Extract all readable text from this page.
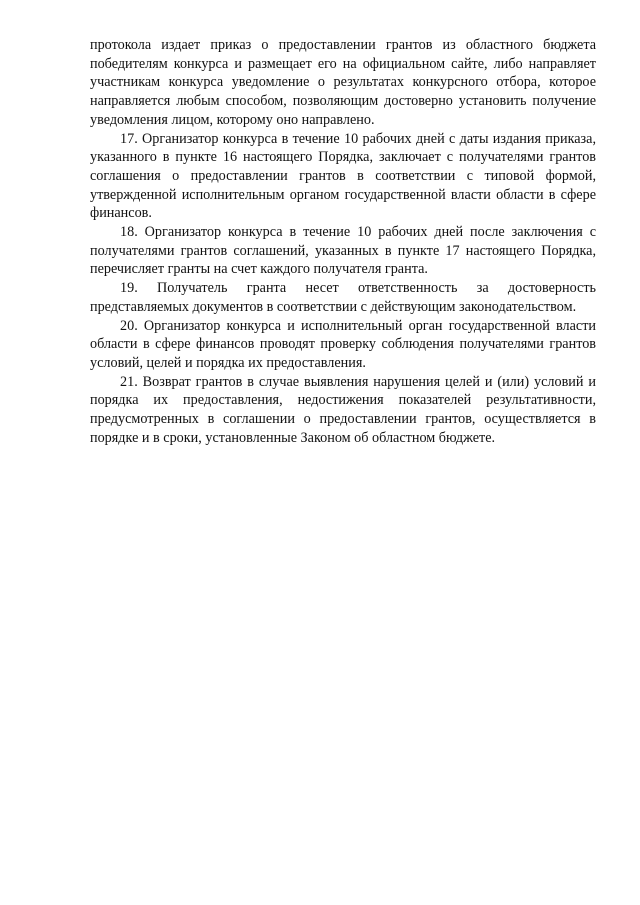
протокола издает приказ о предоставлении грантов из областного бюджета победителям конкурса и размещает его на официальном сайте, либо направляет участникам конкурса уведомление о результатах конкурсного отбора, которое направляется любым способом, позволяющим достоверно установить получение уведомления лицом, которому оно направлено.

17. Организатор конкурса в течение 10 рабочих дней с даты издания приказа, указанного в пункте 16 настоящего Порядка, заключает с получателями грантов соглашения о предоставлении грантов в соответствии с типовой формой, утвержденной исполнительным органом государственной власти области в сфере финансов.

18. Организатор конкурса в течение 10 рабочих дней после заключения с получателями грантов соглашений, указанных в пункте 17 настоящего Порядка, перечисляет гранты на счет каждого получателя гранта.

19. Получатель гранта несет ответственность за достоверность представляемых документов в соответствии с действующим законодательством.

20. Организатор конкурса и исполнительный орган государственной власти области в сфере финансов проводят проверку соблюдения получателями грантов условий, целей и порядка их предоставления.

21. Возврат грантов в случае выявления нарушения целей и (или) условий и порядка их предоставления, недостижения показателей результативности, предусмотренных в соглашении о предоставлении грантов, осуществляется в порядке и в сроки, установленные Законом об областном бюджете.
